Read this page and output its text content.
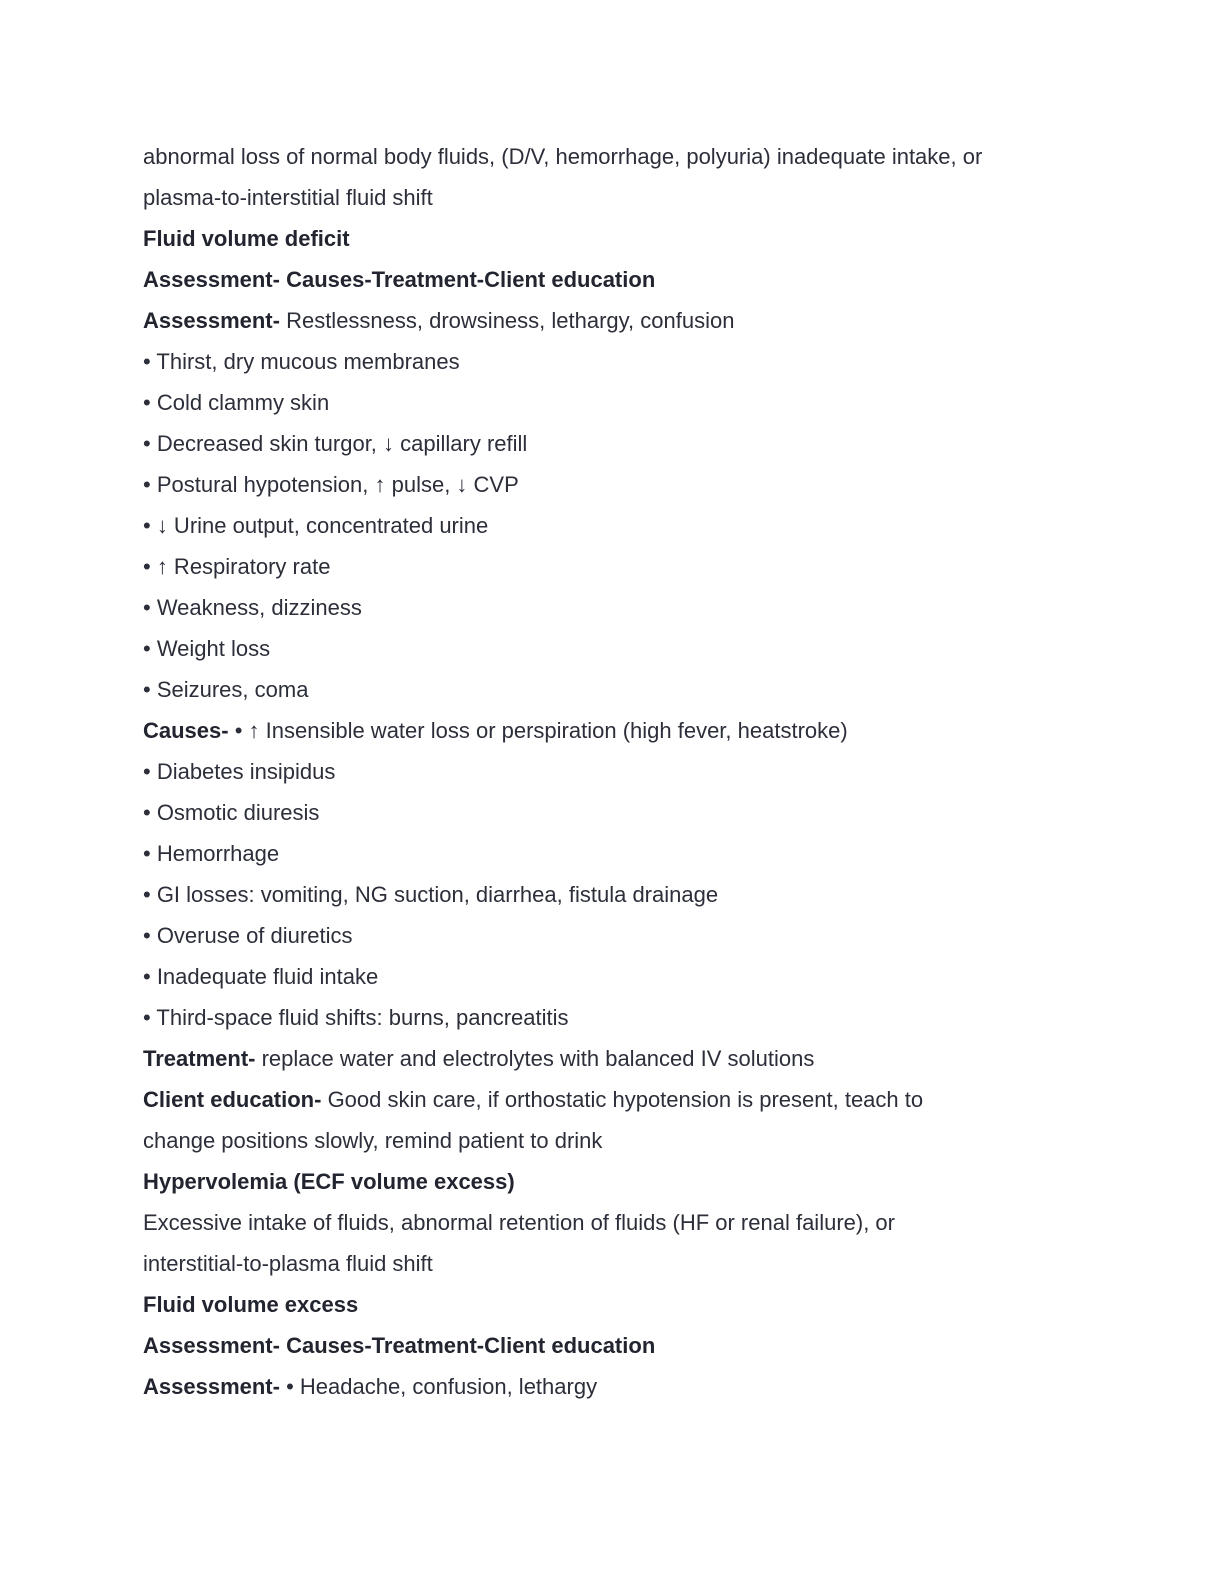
abnormal loss of normal body fluids, (D/V, hemorrhage, polyuria) inadequate intake, or

plasma-to-interstitial fluid shift

Fluid volume deficit

Assessment- Causes-Treatment-Client education

Assessment- Restlessness, drowsiness, lethargy, confusion

• Thirst, dry mucous membranes

• Cold clammy skin

• Decreased skin turgor, ↓ capillary refill

• Postural hypotension, ↑ pulse, ↓ CVP

• ↓ Urine output, concentrated urine

• ↑ Respiratory rate

• Weakness, dizziness

• Weight loss

• Seizures, coma

Causes- • ↑ Insensible water loss or perspiration (high fever, heatstroke)

• Diabetes insipidus

• Osmotic diuresis

• Hemorrhage

• GI losses: vomiting, NG suction, diarrhea, fistula drainage

• Overuse of diuretics

• Inadequate fluid intake

• Third-space fluid shifts: burns, pancreatitis

Treatment- replace water and electrolytes with balanced IV solutions

Client education- Good skin care, if orthostatic hypotension is present, teach to

change positions slowly, remind patient to drink

Hypervolemia (ECF volume excess)

Excessive intake of fluids, abnormal retention of fluids (HF or renal failure), or

interstitial-to-plasma fluid shift

Fluid volume excess

Assessment- Causes-Treatment-Client education

Assessment- • Headache, confusion, lethargy
